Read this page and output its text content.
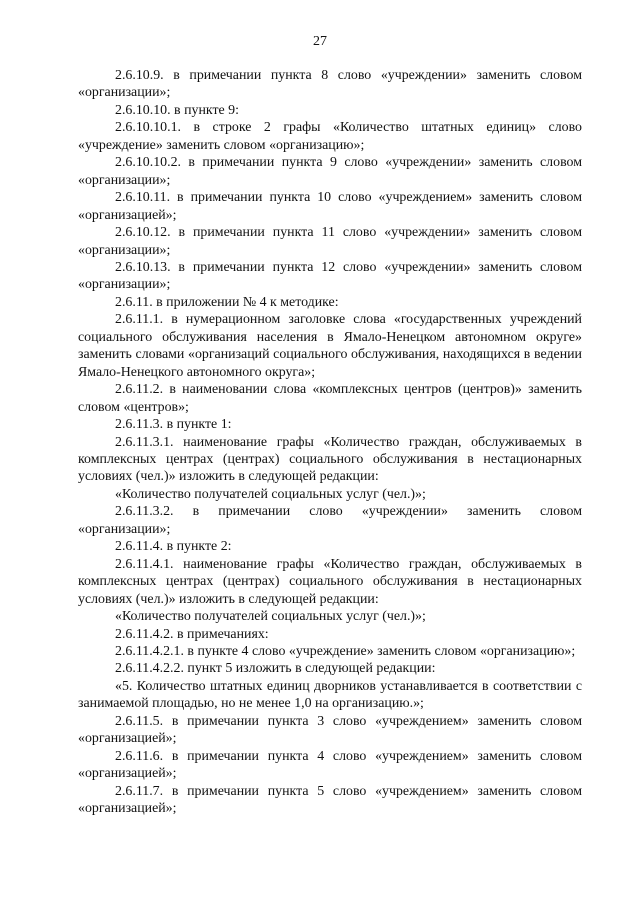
27

2.6.10.9. в примечании пункта 8 слово «учреждении» заменить словом «организации»;

2.6.10.10. в пункте 9:

2.6.10.10.1. в строке 2 графы «Количество штатных единиц» слово «учреждение» заменить словом «организацию»;

2.6.10.10.2. в примечании пункта 9 слово «учреждении» заменить словом «организации»;

2.6.10.11. в примечании пункта 10 слово «учреждением» заменить словом «организацией»;

2.6.10.12. в примечании пункта 11 слово «учреждении» заменить словом «организации»;

2.6.10.13. в примечании пункта 12 слово «учреждении» заменить словом «организации»;

2.6.11. в приложении № 4 к методике:

2.6.11.1. в нумерационном заголовке слова «государственных учреждений социального обслуживания населения в Ямало-Ненецком автономном округе» заменить словами «организаций социального обслуживания, находящихся в ведении Ямало-Ненецкого автономного округа»;

2.6.11.2. в наименовании слова «комплексных центров (центров)» заменить словом «центров»;

2.6.11.3. в пункте 1:

2.6.11.3.1. наименование графы «Количество граждан, обслуживаемых в комплексных центрах (центрах) социального обслуживания в нестационарных условиях (чел.)» изложить в следующей редакции:

«Количество получателей социальных услуг (чел.)»;

2.6.11.3.2. в примечании слово «учреждении» заменить словом «организации»;

2.6.11.4. в пункте 2:

2.6.11.4.1. наименование графы «Количество граждан, обслуживаемых в комплексных центрах (центрах) социального обслуживания в нестационарных условиях (чел.)» изложить в следующей редакции:

«Количество получателей социальных услуг (чел.)»;

2.6.11.4.2. в примечаниях:

2.6.11.4.2.1. в пункте 4 слово «учреждение» заменить словом «организацию»;

2.6.11.4.2.2. пункт 5 изложить в следующей редакции:

«5. Количество штатных единиц дворников устанавливается в соответствии с занимаемой площадью, но не менее 1,0 на организацию.»;

2.6.11.5. в примечании пункта 3 слово «учреждением» заменить словом «организацией»;

2.6.11.6. в примечании пункта 4 слово «учреждением» заменить словом «организацией»;

2.6.11.7. в примечании пункта 5 слово «учреждением» заменить словом «организацией»;
